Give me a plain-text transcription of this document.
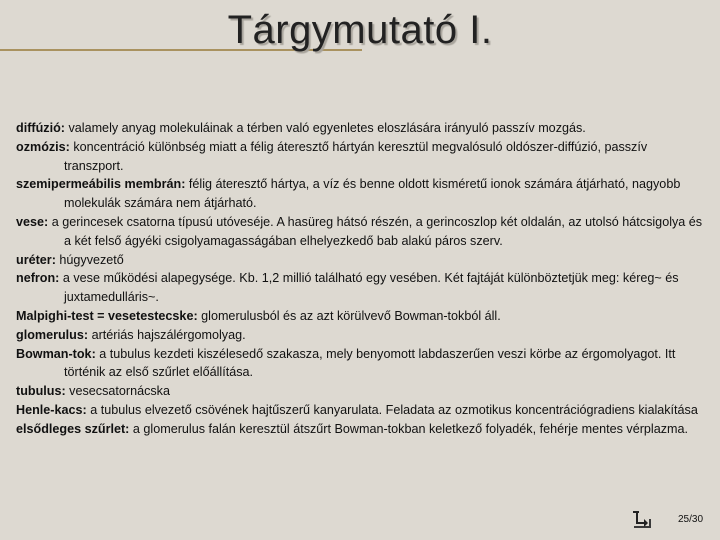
Tárgymutató I.

diffúzió: valamely anyag molekuláinak a térben való egyenletes eloszlására irányuló passzív mozgás.

ozmózis: koncentráció különbség miatt a félig áteresztő hártyán keresztül megvalósuló oldószer-diffúzió, passzív transzport.

szemipermeábilis membrán: félig áteresztő hártya, a víz és benne oldott kisméretű ionok számára átjárható, nagyobb molekulák számára nem átjárható.

vese: a gerincesek csatorna típusú utóveséje. A hasüreg hátsó részén, a gerincoszlop két oldalán, az utolsó hátcsigolya és a két felső ágyéki csigolyamagasságában elhelyezkedő bab alakú páros szerv.

uréter: húgyvezető

nefron: a vese működési alapegysége. Kb. 1,2 millió található egy vesében. Két fajtáját különböztetjük meg: kéreg~ és juxtamedulláris~.

Malpighi-test = vesetestecske: glomerulusból és az azt körülvevő Bowman-tokból áll.

glomerulus: artériás hajszálérgomolyag.

Bowman-tok: a tubulus kezdeti kiszélesedő szakasza, mely benyomott labdaszerűen veszi körbe az érgomolyagot. Itt történik az első szűrlet előállítása.

tubulus: vesecsatornácska

Henle-kacs: a tubulus elvezető csövének hajtűszerű kanyarulata. Feladata az ozmotikus koncentrációgradiens kialakítása

elsődleges szűrlet: a glomerulus falán keresztül átszűrt Bowman-tokban keletkező folyadék, fehérje mentes vérplazma.

25/30
